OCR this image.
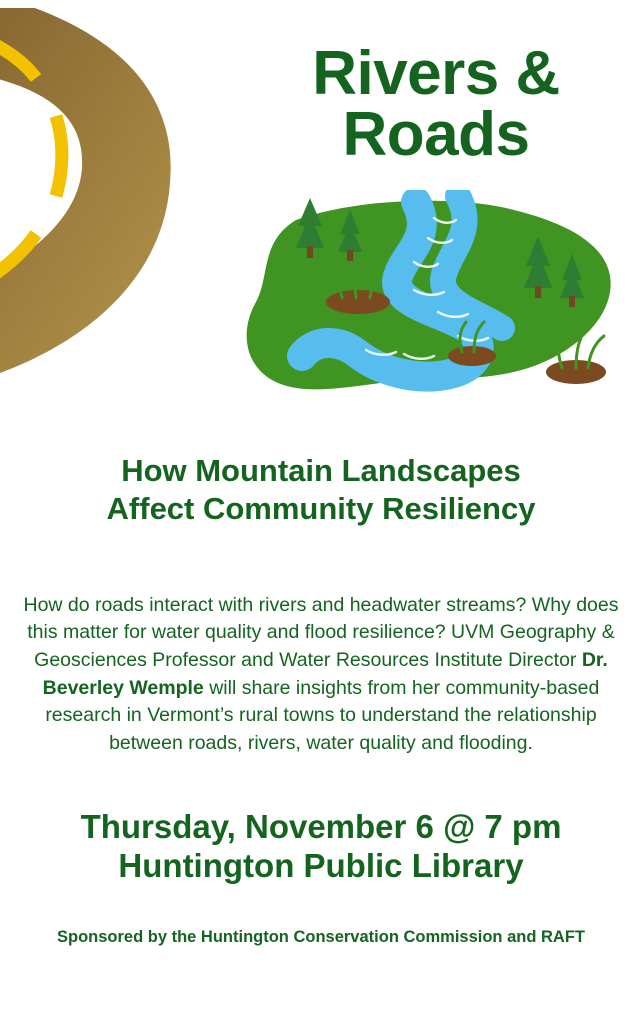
Rivers &
Roads
How Mountain Landscapes
Affect Community Resiliency

How do roads interact with rivers and headwater streams? Why does this matter for water quality and flood resilience? UVM Geography & Geosciences Professor and Water Resources Institute Director Dr. Beverley Wemple will share insights from her community-based research in Vermont’s rural towns to understand the relationship between roads, rivers, water quality and flooding.

Thursday, November 6 @ 7 pm
Huntington Public Library
Sponsored by the Huntington Conservation Commission and RAFT
